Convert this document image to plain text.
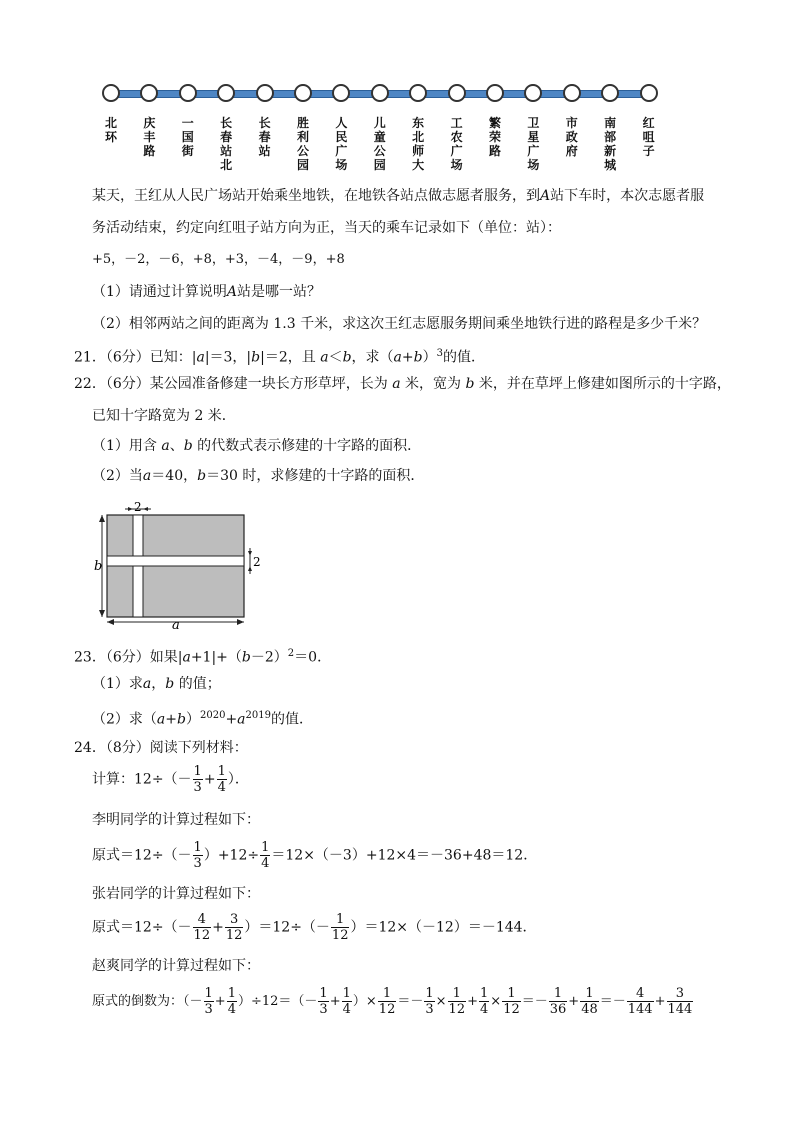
北环
庆丰路
一国街
长春站北
长春站
胜利公园
人民广场
儿童公园
东北师大
工农广场
繁荣路
卫星广场
市政府
南部新城
红咀子
某天，王红从人民广场站开始乘坐地铁，在地铁各站点做志愿者服务，到A站下车时，本次志愿者服
务活动结束，约定向红咀子站方向为正，当天的乘车记录如下（单位：站）：
+5，－2，－6，+8，+3，－4，－9，+8
（1）请通过计算说明A站是哪一站？
（2）相邻两站之间的距离为 1.3 千米，求这次王红志愿服务期间乘坐地铁行进的路程是多少千米？
21．（6分）已知：|a|＝3，|b|＝2，且 a＜b，求$(a+b)^3$的值．
22．（6分）某公园准备修建一块长方形草坪，长为 a 米，宽为 b 米，并在草坪上修建如图所示的十字路，
已知十字路宽为 2 米．
（1）用含 a、b 的代数式表示修建的十字路的面积．
（2）当a＝40，b＝30 时，求修建的十字路的面积．
b
a
2
2
23．（6分）如果$|a+1|+(b-2)^2=0$．
（1）求a，b 的值；
（2）求$(a+b)^{2020}+a^{2019}$的值．
24．（8分）阅读下列材料：
计算：$12\div(- \frac{1}{3} + \frac{1}{4}$ ）．
李明同学的计算过程如下：
原式$=12\div(- \frac{1}{3} )+12\div \frac{1}{4} =12\times(-3)+12\times 4=-36+48=12$．
张岩同学的计算过程如下：
原式$=12\div(- \frac{4}{12} + \frac{3}{12} )=12\div(- \frac{1}{12} )=12\times(-12)=-144$．
赵爽同学的计算过程如下：
原式的倒数为：（－ $\frac{1}{3} + \frac{1}{4} )\div 12=(- \frac{1}{3} + \frac{1}{4}$ ）× $\frac{1}{12} =- \frac{1}{3} \times \frac{1}{12} + \frac{1}{4} \times \frac{1}{12} =- \frac{1}{36} + \frac{1}{48} =- \frac{4}{144} + \frac{3}{144}$
